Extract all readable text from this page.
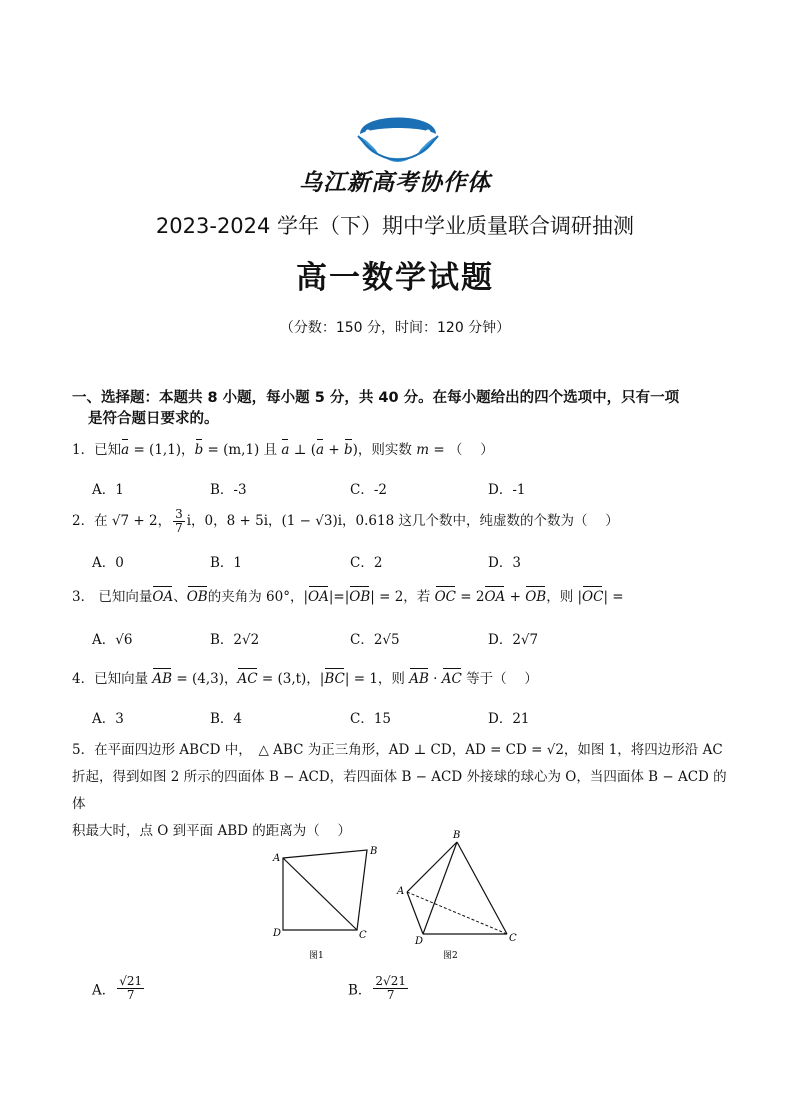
乌江新高考协作体
2023-2024 学年（下）期中学业质量联合调研抽测
高一数学试题
（分数：150 分，时间：120 分钟）
一、选择题：本题共 8 小题，每小题 5 分，共 40 分。在每小题给出的四个选项中，只有一项
是符合题日要求的。
1．已知a = (1,1)，b = (m,1) 且 a ⊥ (a + b)，则实数 m = （　 ）
A．1	B．-3	C．-2	D．-1
2．在 √7 + 2， $\frac{3}{7}$ i，0，8 + 5i，(1 − √3)i，0.618 这几个数中，纯虚数的个数为（　 ）
A．0	B．1	C．2	D．3
3． 已知向量OA、OB的夹角为 60°，|OA|=|OB| = 2，若 OC = 2OA + OB，则 |OC| =
A．√6	B．2√2	C．2√5	D．2√7
4．已知向量 AB = (4,3)，AC = (3,t)，|BC| = 1，则 AB · AC 等于（　 ）
A．3	B．4	C．15	D．21
5．在平面四边形 ABCD 中，　△ ABC 为正三角形，AD ⊥ CD，AD = CD = √2，如图 1，将四边形沿 AC
折起，得到如图 2 所示的四面体 B − ACD，若四面体 B − ACD 外接球的球心为 O，当四面体 B − ACD 的体
积最大时，点 O 到平面 ABD 的距离为（　 ）
A
B
D	C
图1
B
A
D	C
图2
A． $\frac{√21}{7}$	B． $\frac{2√21}{7}$
